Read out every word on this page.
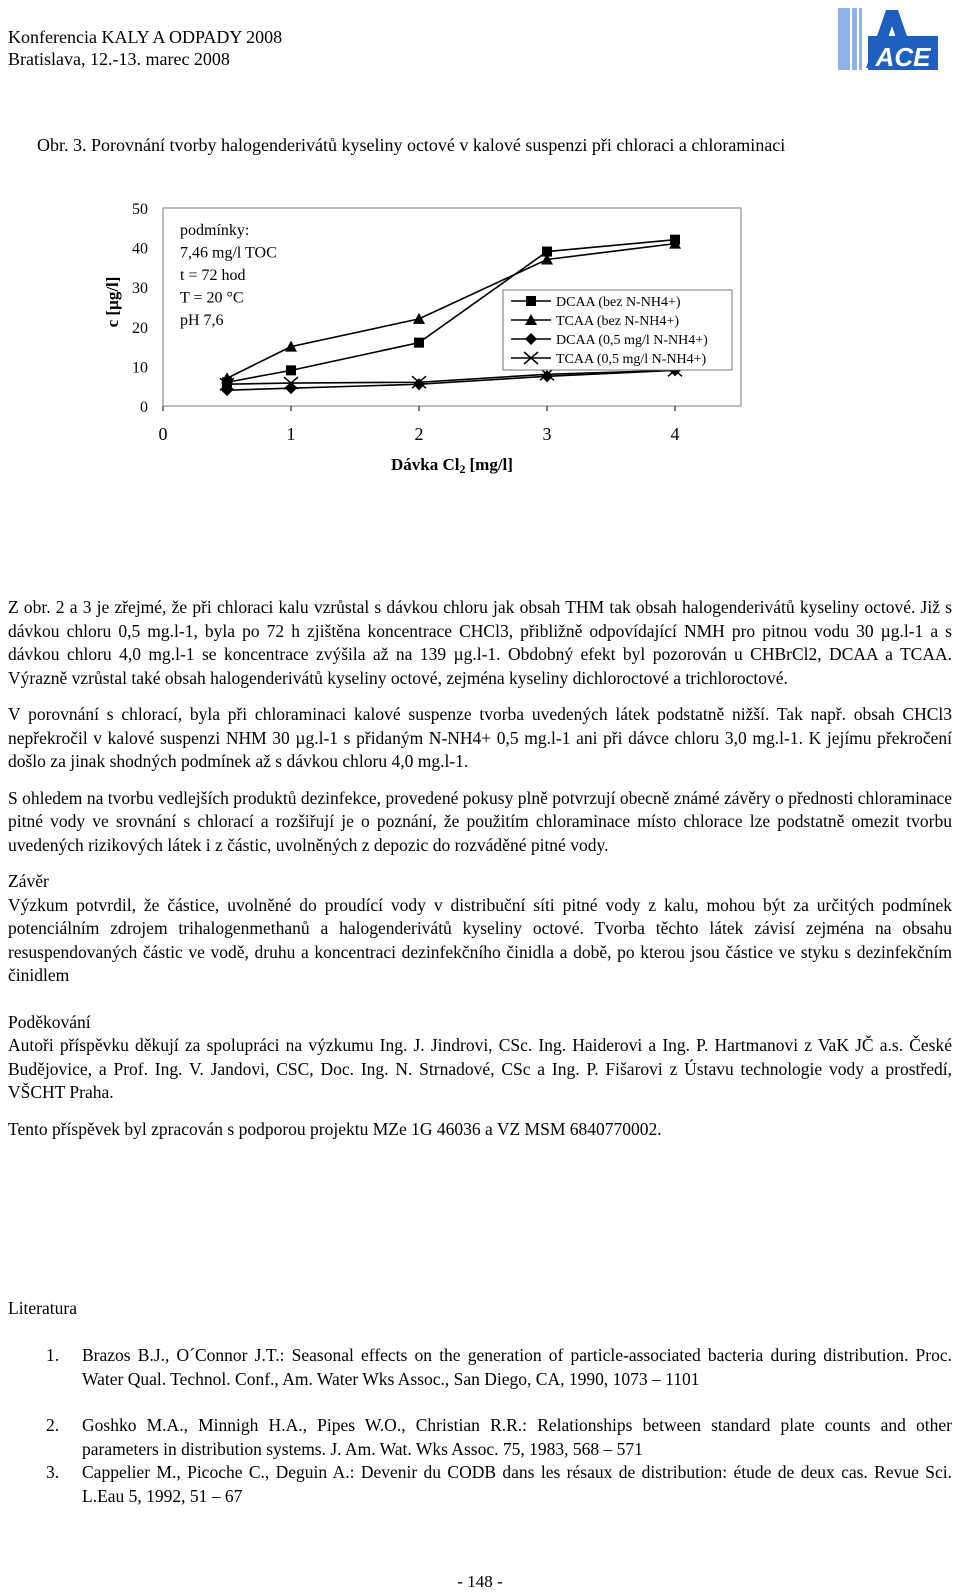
Konferencia KALY A ODPADY 2008
Bratislava, 12.-13. marec 2008	ACE
Obr. 3. Porovnání tvorby halogenderivátů kyseliny octové v kalové suspenzi při chloraci a chloraminaci
0
10
20
30
40
50
0	1	2	3	4
c [µg/l]
Dávka Cl2 [mg/l]
podmínky:
7,46 mg/l TOC
t = 72 hod
T = 20 °C
pH 7,6
DCAA (bez N-NH4+)
TCAA (bez N-NH4+)
DCAA (0,5 mg/l N-NH4+)
TCAA (0,5 mg/l N-NH4+)

Z obr. 2 a 3 je zřejmé, že při chloraci kalu vzrůstal s dávkou chloru jak obsah THM tak obsah halogenderivátů kyseliny octové. Již s dávkou chloru 0,5 mg.l-1, byla po 72 h zjištěna koncentrace CHCl3, přibližně odpovídající NMH pro pitnou vodu 30 µg.l-1 a s dávkou chloru 4,0 mg.l-1 se koncentrace zvýšila až na 139 µg.l-1. Obdobný efekt byl pozorován u CHBrCl2, DCAA a TCAA. Výrazně vzrůstal také obsah halogenderivátů kyseliny octové, zejména kyseliny dichloroctové a trichloroctové.

V porovnání s chlorací, byla při chloraminaci kalové suspenze tvorba uvedených látek podstatně nižší. Tak např. obsah CHCl3 nepřekročil v kalové suspenzi NHM 30 µg.l-1 s přidaným N-NH4+ 0,5 mg.l-1 ani při dávce chloru 3,0 mg.l-1. K jejímu překročení došlo za jinak shodných podmínek až s dávkou chloru 4,0 mg.l-1.

S ohledem na tvorbu vedlejších produktů dezinfekce, provedené pokusy plně potvrzují obecně známé závěry o přednosti chloraminace pitné vody ve srovnání s chlorací a rozšiřují je o poznání, že použitím chloraminace místo chlorace lze podstatně omezit tvorbu uvedených rizikových látek i z částic, uvolněných z depozic do rozváděné pitné vody.

Závěr

Výzkum potvrdil, že částice, uvolněné do proudící vody v distribuční síti pitné vody z kalu, mohou být za určitých podmínek potenciálním zdrojem trihalogenmethanů a halogenderivátů kyseliny octové. Tvorba těchto látek závisí zejména na obsahu resuspendovaných částic ve vodě, druhu a koncentraci dezinfekčního činidla a době, po kterou jsou částice ve styku s dezinfekčním činidlem

Poděkování

Autoři příspěvku děkují za spolupráci na výzkumu Ing. J. Jindrovi, CSc. Ing. Haiderovi a Ing. P. Hartmanovi z VaK JČ a.s. České Budějovice, a Prof. Ing. V. Jandovi, CSC, Doc. Ing. N. Strnadové, CSc a Ing. P. Fišarovi z Ústavu technologie vody a prostředí, VŠCHT Praha.

Tento příspěvek byl zpracován s podporou projektu MZe 1G 46036 a VZ MSM 6840770002.

Literatura
1. Brazos B.J., O´Connor J.T.: Seasonal effects on the generation of particle-associated bacteria during distribution. Proc. Water Qual. Technol. Conf., Am. Water Wks Assoc., San Diego, CA, 1990, 1073 – 1101
2. Goshko M.A., Minnigh H.A., Pipes W.O., Christian R.R.: Relationships between standard plate counts and other parameters in distribution systems. J. Am. Wat. Wks Assoc. 75, 1983, 568 – 571
3. Cappelier M., Picoche C., Deguin A.: Devenir du CODB dans les résaux de distribution: étude de deux cas. Revue Sci. L.Eau 5, 1992, 51 – 67
- 148 -
